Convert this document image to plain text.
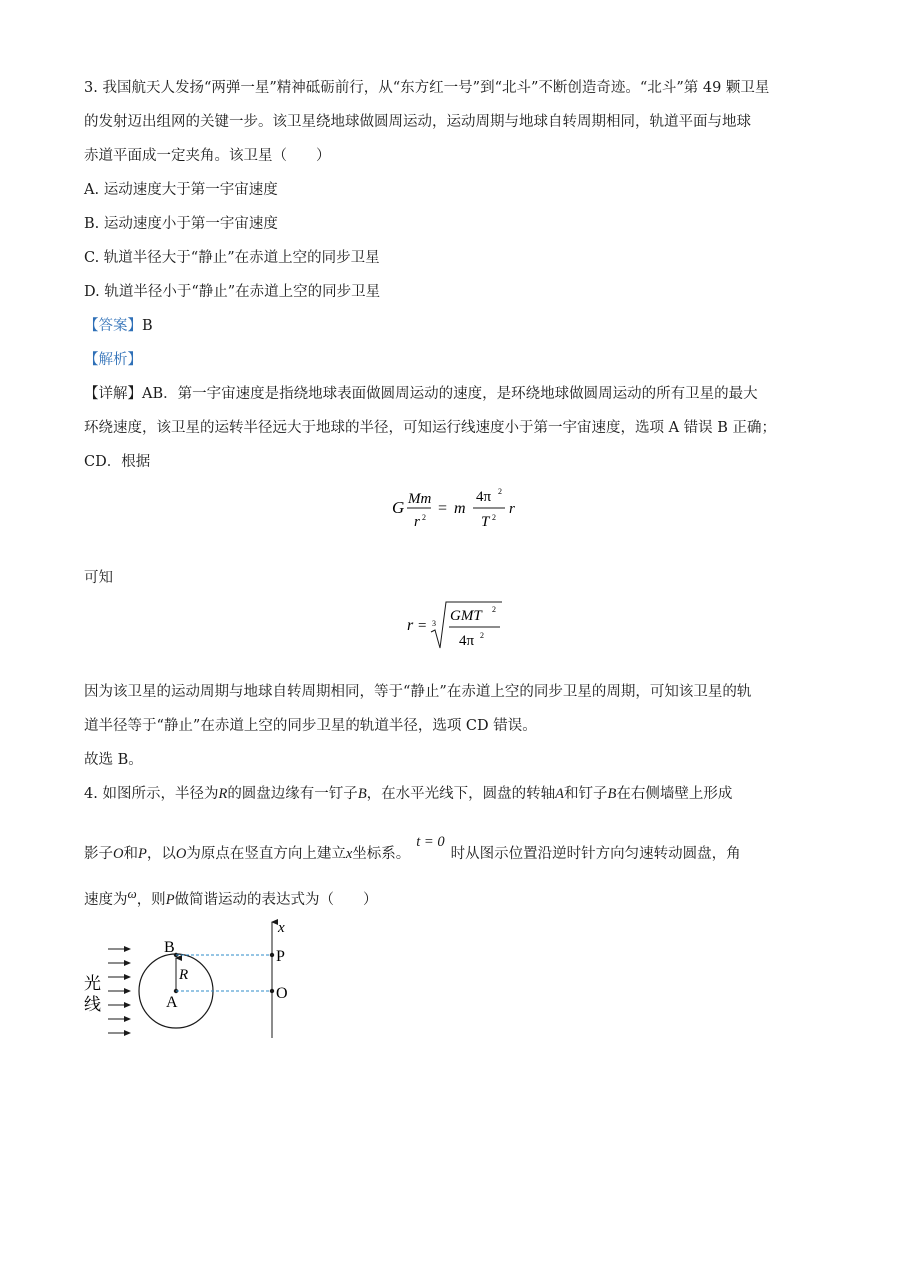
3. 我国航天人发扬“两弹一星”精神砥砺前行，从“东方红一号”到“北斗”不断创造奇迹。“北斗”第 49 颗卫星
的发射迈出组网的关键一步。该卫星绕地球做圆周运动，运动周期与地球自转周期相同，轨道平面与地球
赤道平面成一定夹角。该卫星（　　）
A. 运动速度大于第一宇宙速度
B. 运动速度小于第一宇宙速度
C. 轨道半径大于“静止”在赤道上空的同步卫星
D. 轨道半径小于“静止”在赤道上空的同步卫星
【答案】B
【解析】
【详解】AB．第一宇宙速度是指绕地球表面做圆周运动的速度，是环绕地球做圆周运动的所有卫星的最大
环绕速度，该卫星的运转半径远大于地球的半径，可知运行线速度小于第一宇宙速度，选项 A 错误 B 正确；
CD．根据
G Mm
r 2
= m
4π 2
T 2
r
可知
r = 3 GMT 2
4π 2
因为该卫星的运动周期与地球自转周期相同，等于“静止”在赤道上空的同步卫星的周期，可知该卫星的轨
道半径等于“静止”在赤道上空的同步卫星的轨道半径，选项 CD 错误。
故选 B。
4. 如图所示，半径为R的圆盘边缘有一钉子B，在水平光线下，圆盘的转轴A和钉子B在右侧墙壁上形成
影子O和P，以O为原点在竖直方向上建立x坐标系。t = 0时从图示位置沿逆时针方向匀速转动圆盘，角
速度为ω，则P做简谐运动的表达式为（　　）
光
线
B
R
A
x
P
O
